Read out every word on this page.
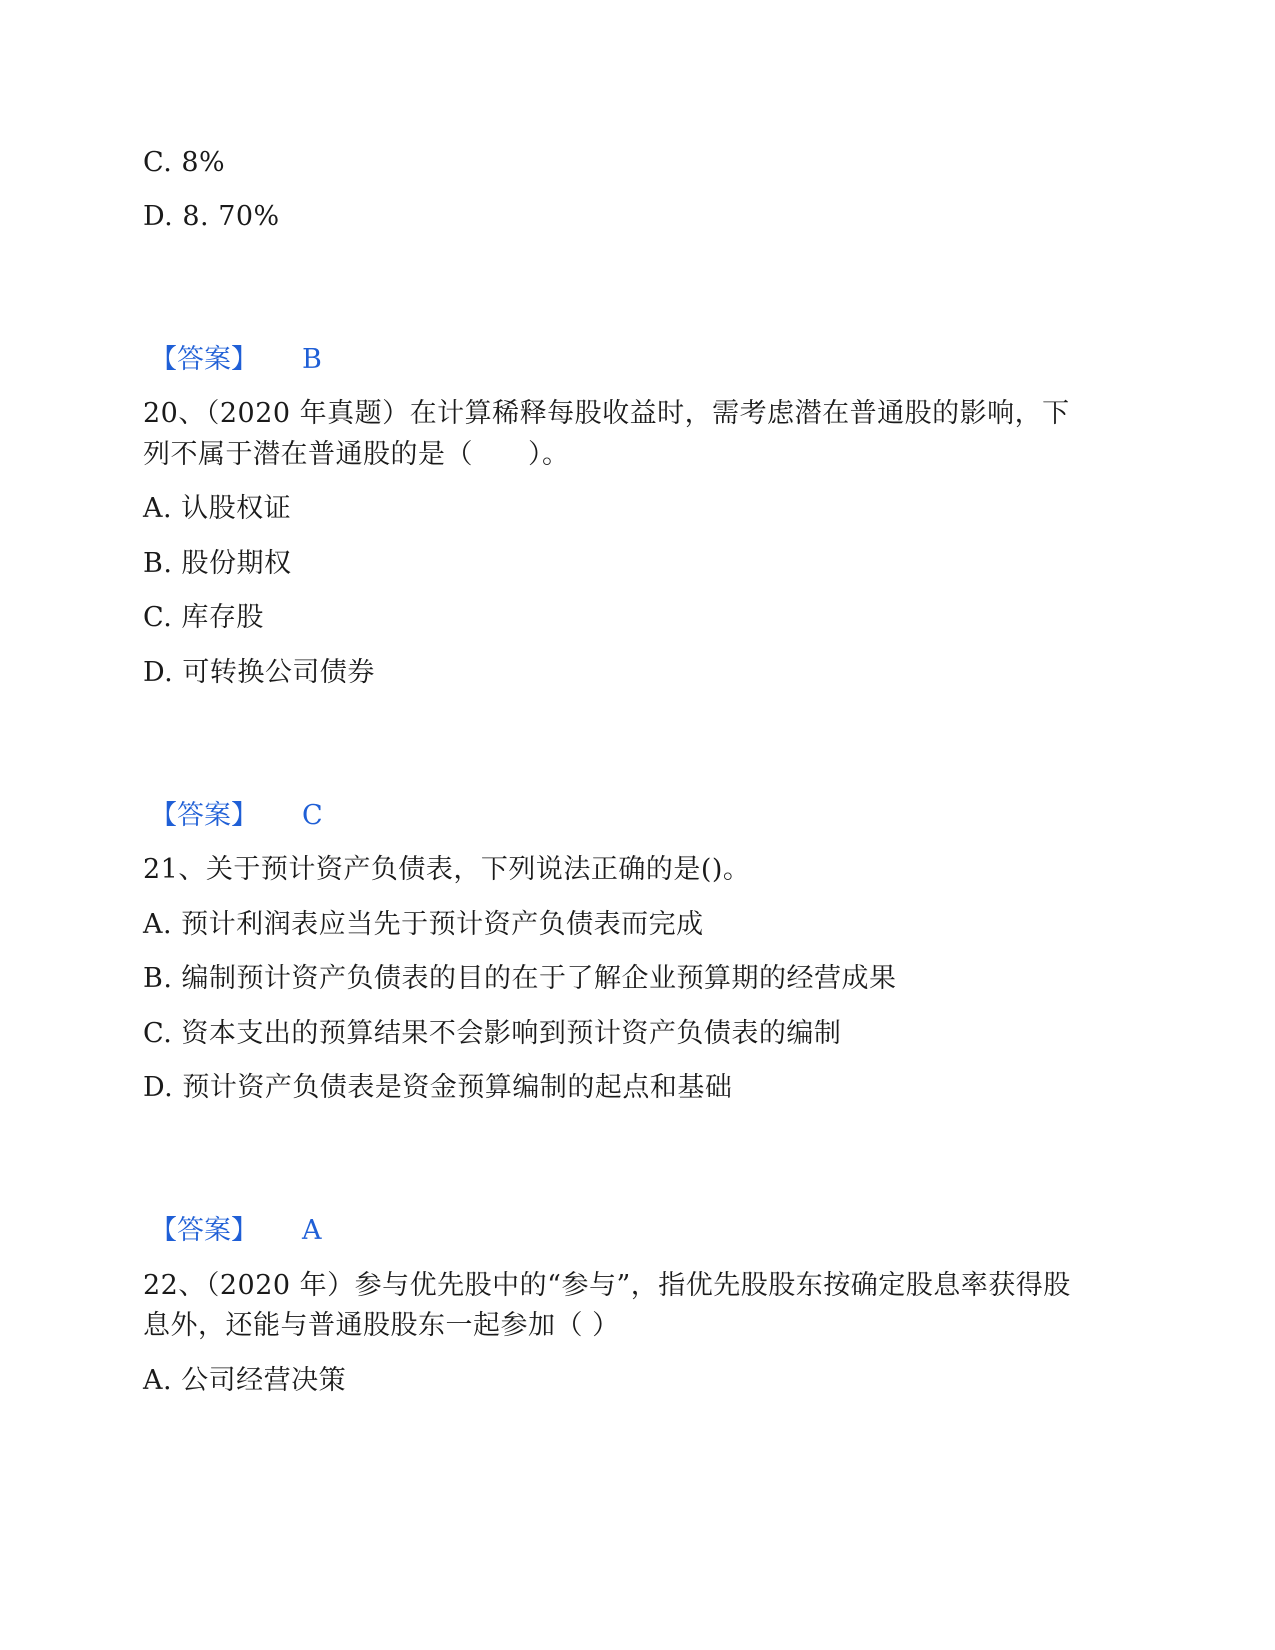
C. 8%
D. 8. 70%
【答案】 B
20、（2020 年真题）在计算稀释每股收益时，需考虑潜在普通股的影响，下
列不属于潜在普通股的是（　　）。
A. 认股权证
B. 股份期权
C. 库存股
D. 可转换公司债券
【答案】 C
21、关于预计资产负债表，下列说法正确的是()。
A. 预计利润表应当先于预计资产负债表而完成
B. 编制预计资产负债表的目的在于了解企业预算期的经营成果
C. 资本支出的预算结果不会影响到预计资产负债表的编制
D. 预计资产负债表是资金预算编制的起点和基础
【答案】 A
22、（2020 年）参与优先股中的“参与”，指优先股股东按确定股息率获得股
息外，还能与普通股股东一起参加（ ）
A. 公司经营决策
